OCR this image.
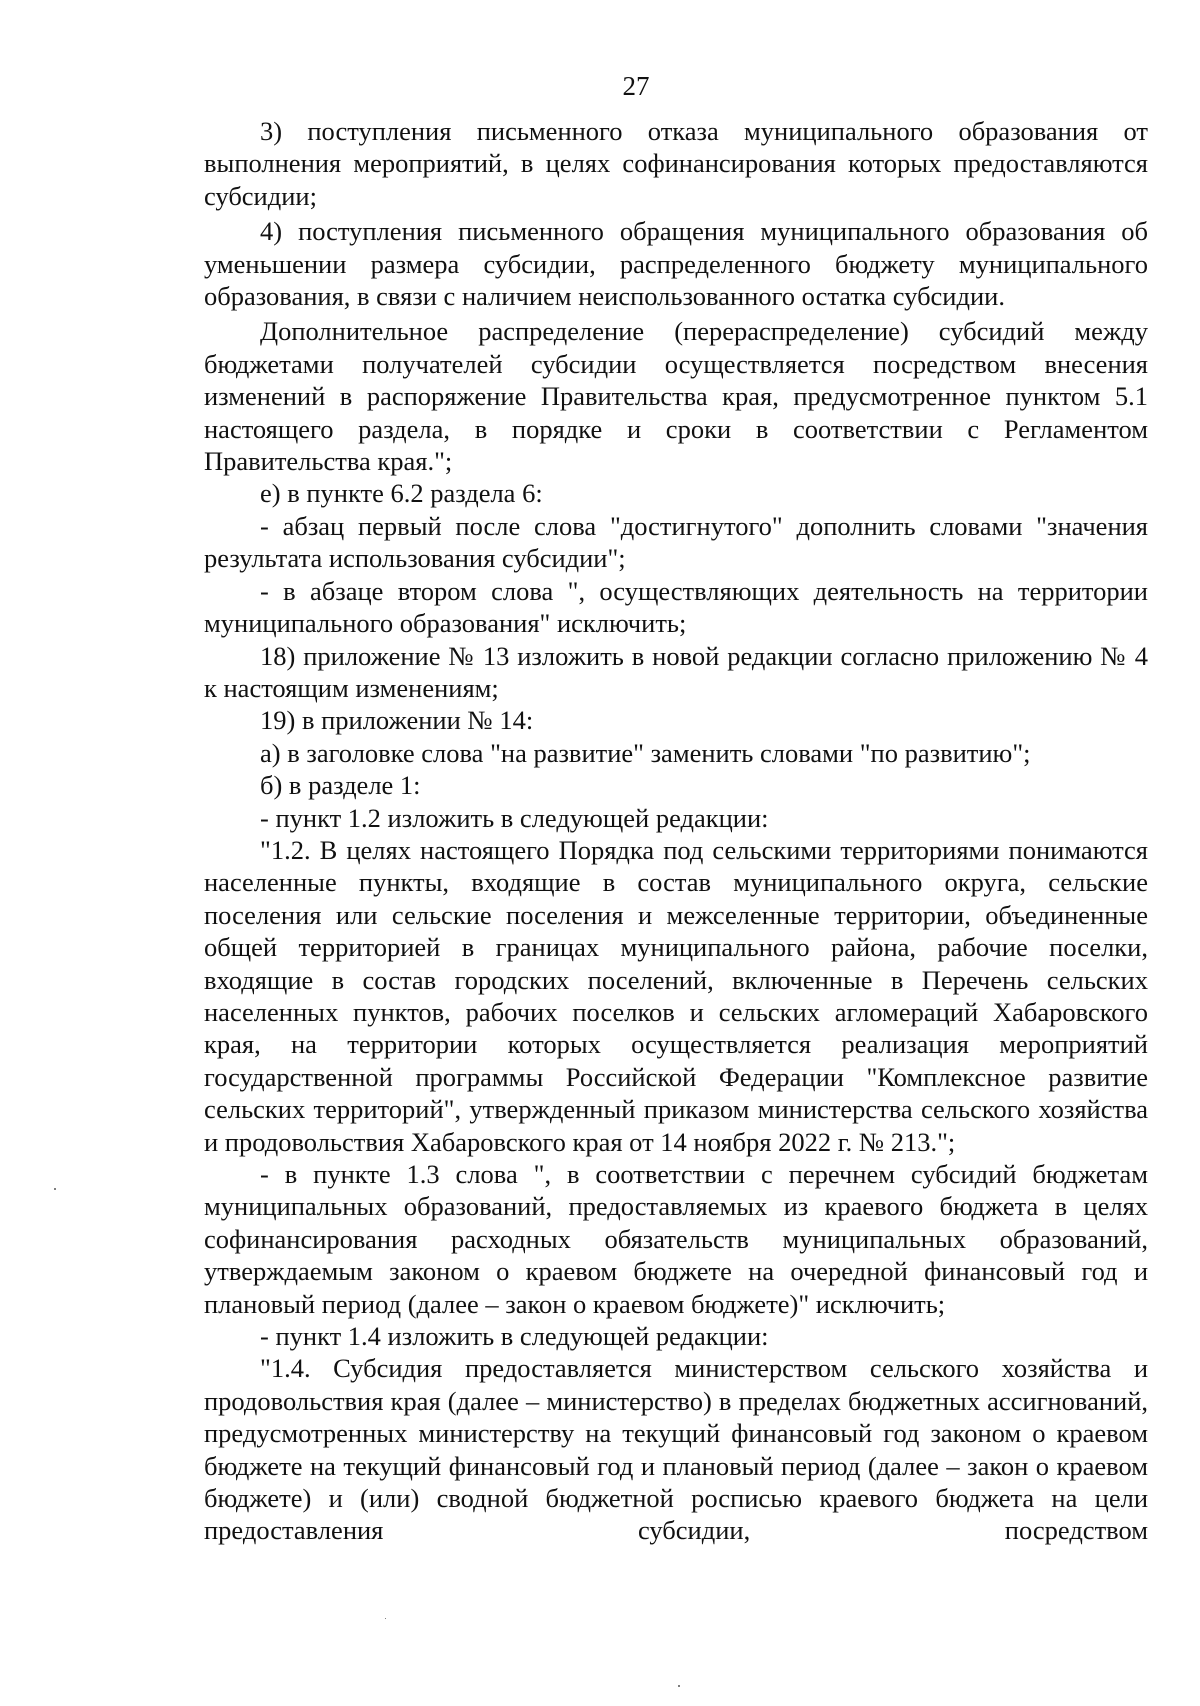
27

3) поступления письменного отказа муниципального образования от выполнения мероприятий, в целях софинансирования которых предоставляются субсидии;

4) поступления письменного обращения муниципального образования об уменьшении размера субсидии, распределенного бюджету муниципального образования, в связи с наличием неиспользованного остатка субсидии.

Дополнительное распределение (перераспределение) субсидий между бюджетами получателей субсидии осуществляется посредством внесения изменений в распоряжение Правительства края, предусмотренное пунктом 5.1 настоящего раздела, в порядке и сроки в соответствии с Регламентом Правительства края.";

е) в пункте 6.2 раздела 6:

- абзац первый после слова "достигнутого" дополнить словами "значения результата использования субсидии";

- в абзаце втором слова ", осуществляющих деятельность на территории муниципального образования" исключить;

18) приложение № 13 изложить в новой редакции согласно приложению № 4 к настоящим изменениям;

19) в приложении № 14:

а) в заголовке слова "на развитие" заменить словами "по развитию";

б) в разделе 1:

- пункт 1.2 изложить в следующей редакции:

"1.2. В целях настоящего Порядка под сельскими территориями понимаются населенные пункты, входящие в состав муниципального округа, сельские поселения или сельские поселения и межселенные территории, объединенные общей территорией в границах муниципального района, рабочие поселки, входящие в состав городских поселений, включенные в Перечень сельских населенных пунктов, рабочих поселков и сельских агломераций Хабаровского края, на территории которых осуществляется реализация мероприятий государственной программы Российской Федерации "Комплексное развитие сельских территорий", утвержденный приказом министерства сельского хозяйства и продовольствия Хабаровского края от 14 ноября 2022 г. № 213.";

- в пункте 1.3 слова ", в соответствии с перечнем субсидий бюджетам муниципальных образований, предоставляемых из краевого бюджета в целях софинансирования расходных обязательств муниципальных образований, утверждаемым законом о краевом бюджете на очередной финансовый год и плановый период (далее – закон о краевом бюджете)" исключить;

- пункт 1.4 изложить в следующей редакции:

"1.4. Субсидия предоставляется министерством сельского хозяйства и продовольствия края (далее – министерство) в пределах бюджетных ассигнований, предусмотренных министерству на текущий финансовый год законом о краевом бюджете на текущий финансовый год и плановый период (далее – закон о краевом бюджете) и (или) сводной бюджетной росписью краевого бюджета на цели предоставления субсидии, посредством
